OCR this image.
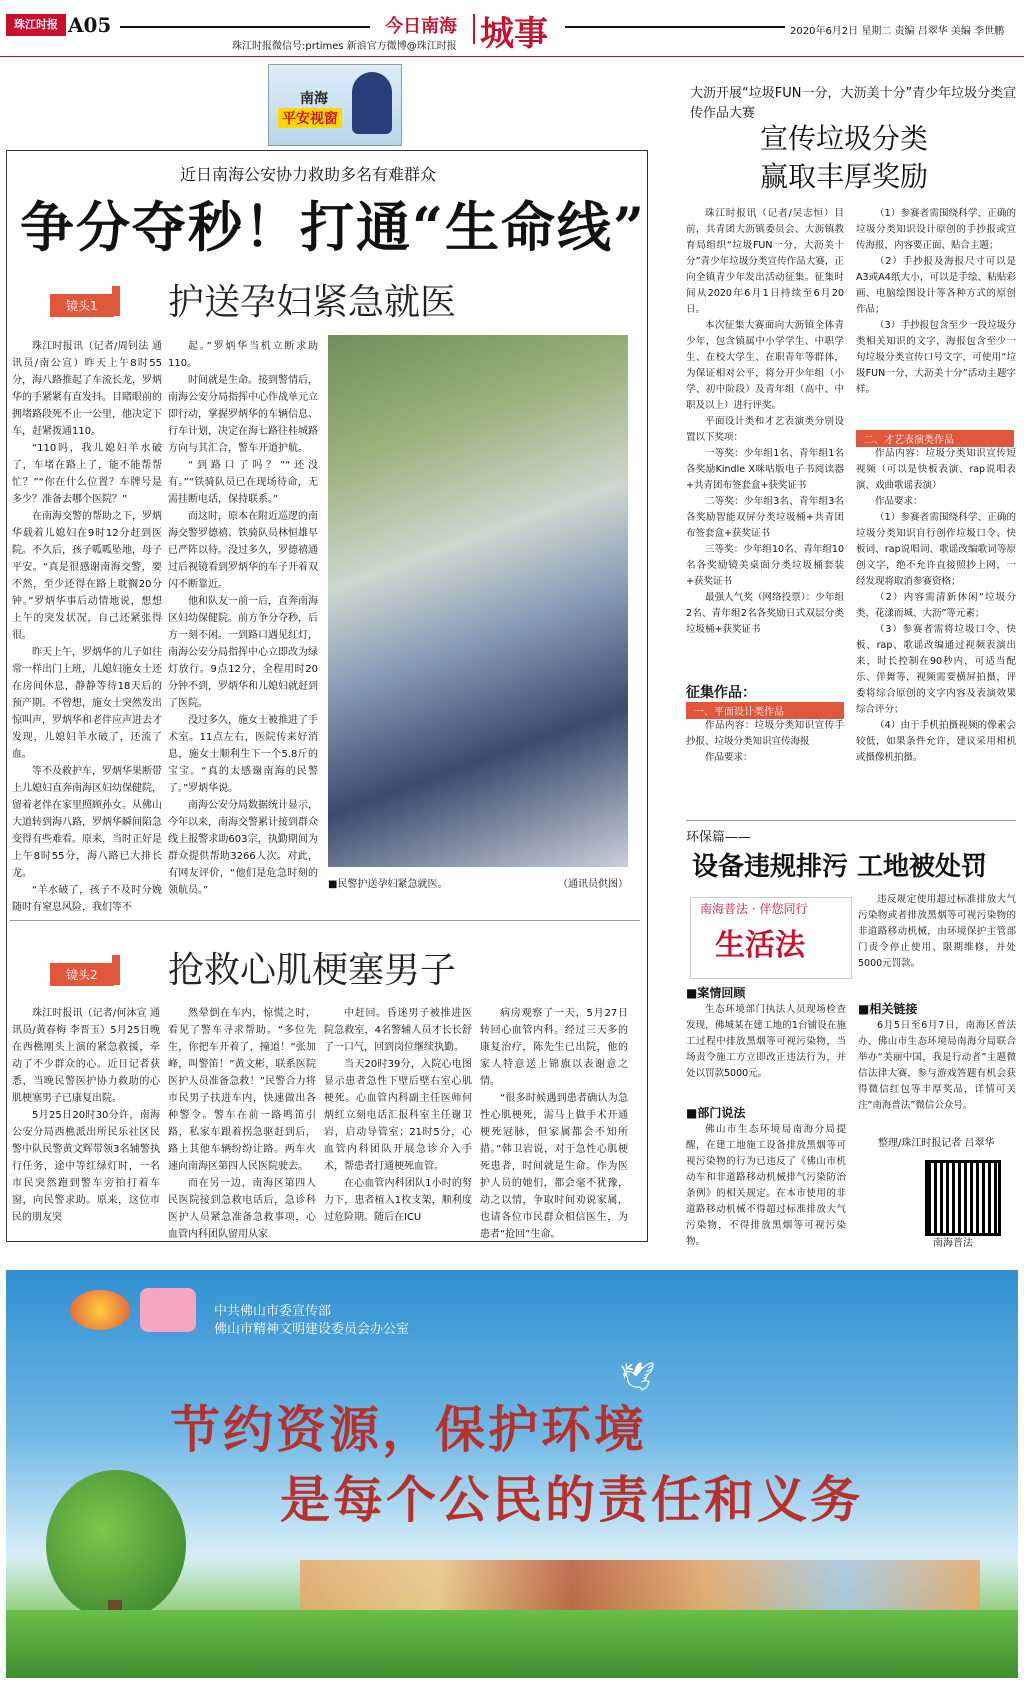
珠江时报 A05
珠江时报微信号:prtimes 新浪官方微博@珠江时报
今日南海 城事	2020年6月2日 星期二 责编 吕翠华 美编 李世鹏
南海
平安视窗
近日南海公安协力救助多名有难群众
争分夺秒！打通“生命线”
镜头1	护送孕妇紧急就医

珠江时报讯（记者/周钊法 通讯员/南公宣）昨天上午8时55分，海八路推起了车流长龙，罗炳华的手紧紧有直发抖。目睹眼前的拥堵路段死不止一公里，他决定下车，赶紧拨通110。

“110吗，我儿媳妇羊水破了，车堵在路上了，能不能帮帮忙？”“你在什么位置？车牌号是多少？准备去哪个医院？”

在南海交警的帮助之下，罗炳华载着儿媳妇在9时12分赶到医院。不久后，孩子呱呱坠地，母子平安。“真是很感谢南海交警，要不然，至少还得在路上耽搁20分钟。”罗炳华事后动情地说，想想上午的突发状况，自己还紧张得很。

昨天上午，罗炳华的儿子如往常一样出门上班，儿媳妇施女士还在房间休息，静静等待18天后的预产期。不曾想，施女士突然发出惊叫声，罗炳华和老伴应声进去才发现，儿媳妇羊水破了，还流了血。

等不及救护车，罗炳华果断带上儿媳妇直奔南海区妇幼保健院，留着老伴在家里照顾孙女。从佛山大道转到海八路，罗炳华瞬间陷急变得有些难看。原来，当时正好是上午8时55分，海八路已大排长龙。

“羊水破了，孩子不及时分娩随时有窒息风险，我们等不

起。”罗炳华当机立断求助110。

时间就是生命。接到警情后，南海公安分局指挥中心作战单元立即行动，掌握罗炳华的车辆信息、行车计划，决定在海七路往桂城路方向与其汇合，警车开道护航。

“到路口了吗？”“还没有。”“铁骑队员已在现场待命，无需挂断电话，保持联系。”

而这时，原本在附近巡逻的南海交警罗德禧、铁骑队员林恒雄早已严阵以待。没过多久，罗德禧通过后视镜看到罗炳华的车子开着双闪不断靠近。

他和队友一前一后，直奔南海区妇幼保健院。前方争分夺秒，后方一刻不闲。一到路口遇见红灯，南海公安分局指挥中心立即改为绿灯放行。9点12分，全程用时20分钟不到，罗炳华和儿媳妇就赶到了医院。

没过多久，施女士被推进了手术室。11点左右，医院传来好消息，施女士顺利生下一个5.8斤的宝宝。“真的太感谢南海的民警了。”罗炳华说。

南海公安分局数据统计显示，今年以来，南海交警累计接到群众线上报警求助603宗，执勤期间为群众提供帮助3266人次。对此，有网友评价，“他们是危急时刻的领航员。”

■民警护送孕妇紧急就医。	（通讯员供图）
镜头2	抢救心肌梗塞男子

珠江时报讯（记者/何沐宣 通讯员/黄春梅 李晋玉）5月25日晚在西樵刚头上演的紧急救援，牵动了不少群众的心。近日记者获悉，当晚民警医护协力救助的心肌梗塞男子已康复出院。

5月25日20时30分许，南海公安分局西樵派出所民乐社区民警中队民警黄文辉带领3名辅警执行任务，途中等红绿灯时，一名市民突然跑到警车旁拍打着车窗，向民警求助。原来，这位市民的朋友突

然晕倒在车内，惊慌之时，看见了警车寻求帮助。“多位先生，你把车开着了，撞道！”张加峰，叫警笛！”黄文彬，联系医院医护人员准备急救！”民警合力将市民男子扶进车内，快速做出各种警令。警车在前一路鸣笛引路，私家车跟着拐急驱赶到后，路上其他车辆纷纷让路。两车火速向南海区第四人民医院驶去。

而在另一边，南海区第四人民医院接到急救电话后，急诊科医护人员紧急准备急救事项，心血管内科团队留用从家

中赶回。昏迷男子被推进医院急救室，4名警辅人员才长长舒了一口气，回到岗位继续执勤。

当天20时39分，入院心电图显示患者急性下壁后壁右室心肌梗死。心血管内科副主任医师何炳红立刻电话汇报科室主任谢卫岩，启动导管室；21时5分，心血管内科团队开展急诊介入手术，帮患者打通梗死血管。

在心血管内科团队1小时的努力下，患者植入1枚支架，顺利度过危险期。随后在ICU

病房观察了一天，5月27日转回心血管内科。经过三天多的康复治疗，陈先生已出院，他的家人特意送上锦旗以表谢意之情。

“很多时候遇到患者确认为急性心肌梗死，需马上做手术开通梗死冠脉，但家属都会不知所措。”韩卫岩说，对于急性心肌梗死患者，时间就是生命。作为医护人员的她们，都会毫不犹豫，动之以情，争取时间劝说家属，也请各位市民群众相信医生，为患者“抢回”生命。

大沥开展“垃圾FUN一分，大沥美十分”青少年垃圾分类宣传作品大赛
宣传垃圾分类
赢取丰厚奖励

珠江时报讯（记者/吴志恒）目前，共青团大沥镇委员会、大沥镇教育局组织“垃圾FUN一分，大沥美十分”青少年垃圾分类宣传作品大赛，正向全镇青少年发出活动征集。征集时间从2020年6月1日持续至6月20日。

本次征集大赛面向大沥镇全体青少年，包含镇属中小学学生、中职学生、在校大学生、在职青年等群体，为保证相对公平，将分开少年组（小学、初中阶段）及青年组（高中、中职及以上）进行评奖。

平面设计类和才艺表演类分别设置以下奖项：

一等奖：少年组1名、青年组1名各奖励Kindle X咪咕版电子书阅读器+共青团布签套盒+获奖证书

二等奖：少年组3名、青年组3名各奖励智能双屏分类垃圾桶+共青团布签套盒+获奖证书

三等奖：少年组10名、青年组10名各奖励镜美桌面分类垃圾桶套装+获奖证书

最强人气奖（网络投票）：少年组2名、青年组2名各奖励日式双层分类垃圾桶+获奖证书

征集作品：
一、平面设计类作品

作品内容：垃圾分类知识宣传手抄报、垃圾分类知识宣传海报

作品要求：

（1）参赛者需围绕科学、正确的垃圾分类知识设计原创的手抄报或宣传海报，内容要正面、贴合主题；

（2）手抄报及海报尺寸可以是A3或A4纸大小，可以是手绘、粘贴彩画、电脑绘图设计等各种方式的原创作品；

（3）手抄报包含至少一段垃圾分类相关知识的文字，海报包含至少一句垃圾分类宣传口号文字，可使用“垃圾FUN一分，大沥美十分”活动主题字样。

二、才艺表演类作品

作品内容：垃圾分类知识宣传短视频（可以是快板表演、rap说唱表演、戏曲歌谣表演）

作品要求：

（1）参赛者需围绕科学、正确的垃圾分类知识自行创作垃圾口令、快板词、rap说唱词、歌谣改编歌词等原创文字，绝不允许直接照抄上网，一经发现将取消参赛资格；

（2）内容需清新休闲“垃圾分类，花漾而城、大沥”等元素；

（3）参赛者需将垃圾口令、快板、rap、歌谣改编通过视频表演出来，时长控制在90秒内，可适当配乐、伴舞等，视频需要横屏拍摄，评委将综合原创的文字内容及表演效果综合评分；

（4）由于手机拍摄视频的像素会较低，如果条件允许，建议采用相机或摄像机拍摄。

环保篇——
设备违规排污 工地被处罚
南海普法 · 伴您同行
生活法
■案情回顾

生态环境部门执法人员现场检查发现，佛城某在建工地的1台铺设在施工过程中排放黑烟等可视污染物，当场责令施工方立即改正违法行为，并处以罚款5000元。

■部门说法

佛山市生态环境局南海分局提醒，在建工地施工设备排放黑烟等可视污染物的行为已违反了《佛山市机动车和非道路移动机械排气污染防治条例》的相关规定。在本市使用的非道路移动机械不得超过标准排放大气污染物，不得排放黑烟等可视污染物。

违反规定使用超过标准排放大气污染物或者排放黑烟等可视污染物的非道路移动机械，由环境保护主管部门责令停止使用、限期维修，并处5000元罚款。

■相关链接

6月5日至6月7日，南海区普法办、佛山市生态环境局南海分局联合举办“美丽中国，我是行动者”主题微信法律大赛，参与游戏答题有机会获得微信红包等丰厚奖品，详情可关注“南海普法”微信公众号。

整理/珠江时报记者 吕翠华
南海普法
中共佛山市委宣传部
佛山市精神文明建设委员会办公室
节约资源，保护环境
是每个公民的责任和义务
🕊
